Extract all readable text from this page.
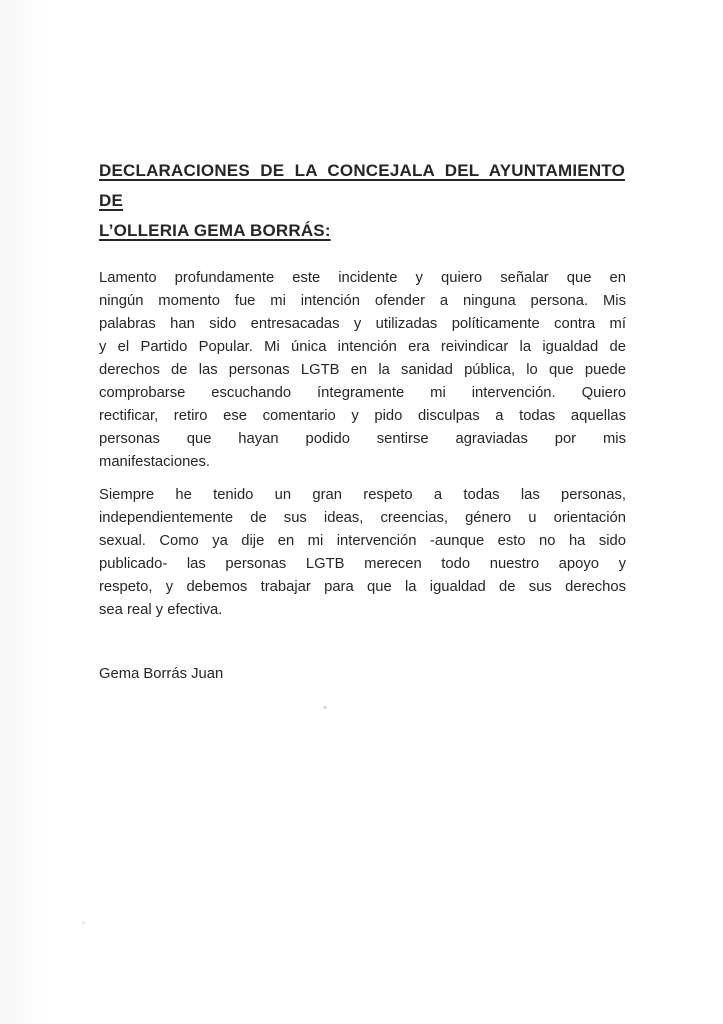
DECLARACIONES DE LA CONCEJALA DEL AYUNTAMIENTO DE
L’OLLERIA GEMA BORRÁS:
Lamento profundamente este incidente y quiero señalar que en
ningún momento fue mi intención ofender a ninguna persona. Mis
palabras han sido entresacadas y utilizadas políticamente contra mí
y el Partido Popular. Mi única intención era reivindicar la igualdad de
derechos de las personas LGTB en la sanidad pública, lo que puede
comprobarse escuchando íntegramente mi intervención. Quiero
rectificar, retiro ese comentario y pido disculpas a todas aquellas
personas que hayan podido sentirse agraviadas por mis
manifestaciones.
Siempre he tenido un gran respeto a todas las personas,
independientemente de sus ideas, creencias, género u orientación
sexual. Como ya dije en mi intervención -aunque esto no ha sido
publicado- las personas LGTB merecen todo nuestro apoyo y
respeto, y debemos trabajar para que la igualdad de sus derechos
sea real y efectiva.
Gema Borrás Juan
